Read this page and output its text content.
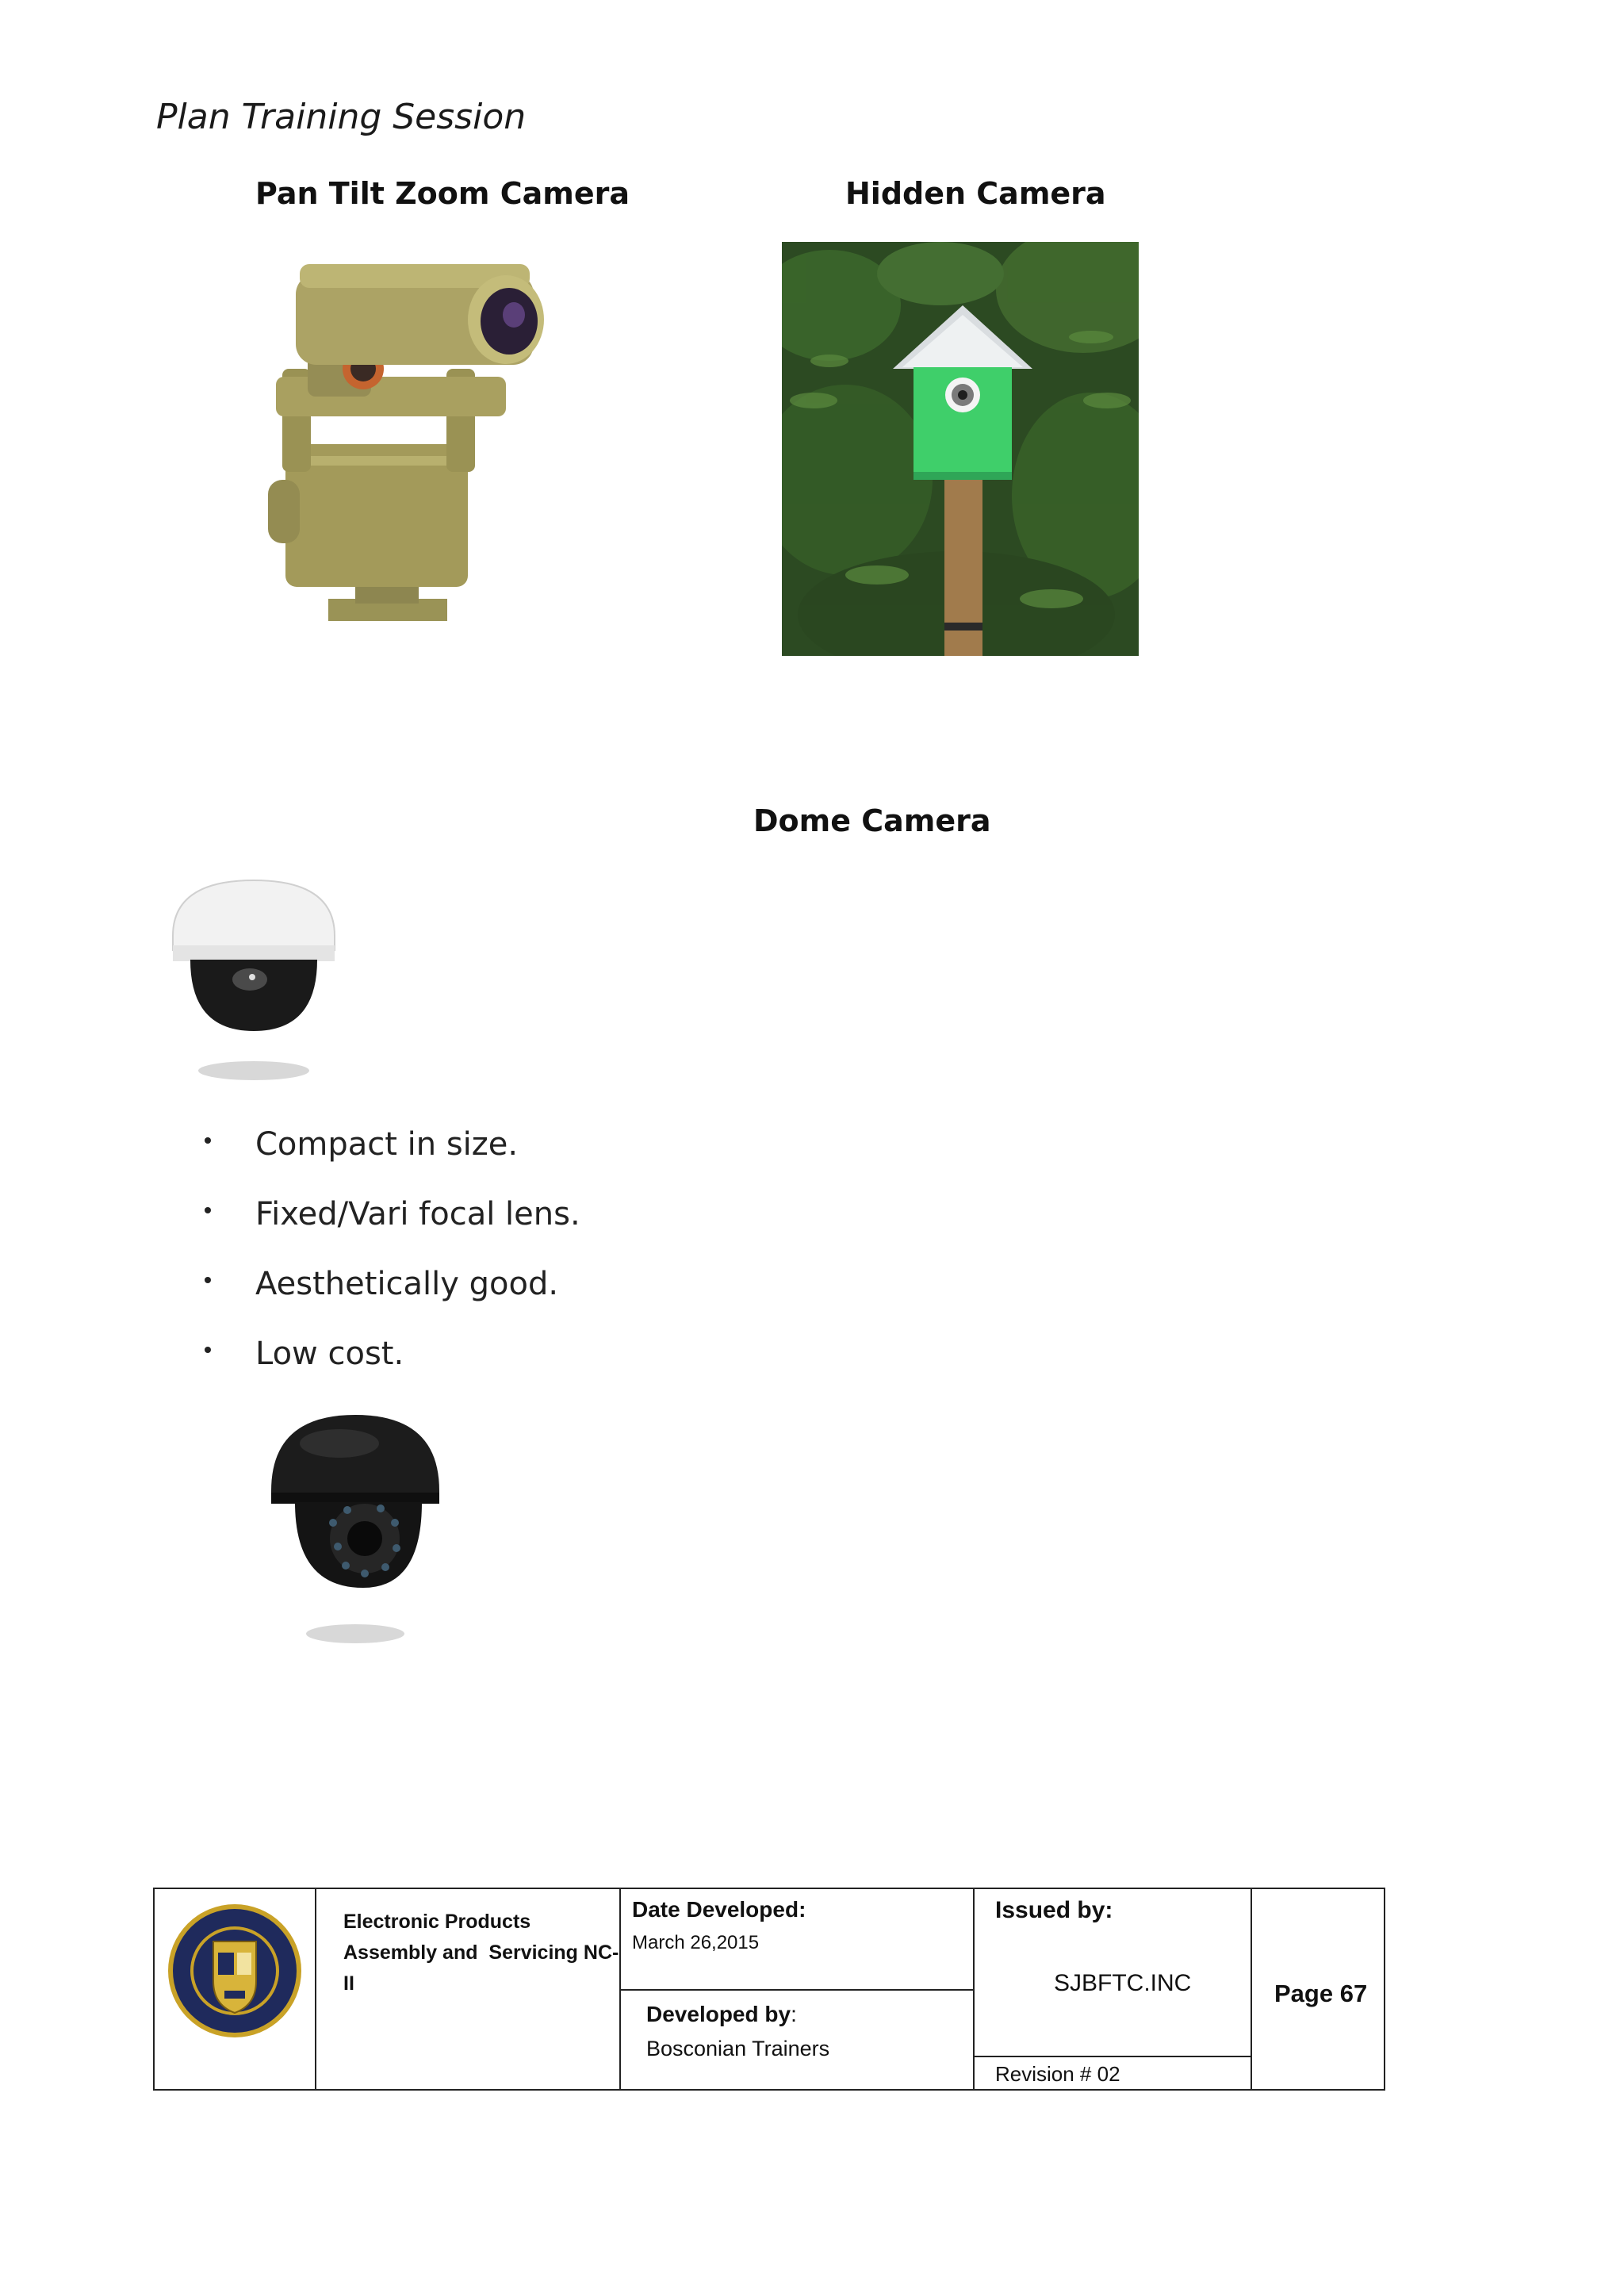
Plan Training Session
Pan Tilt Zoom Camera	Hidden Camera
Dome Camera
Compact in size.
Fixed/Vari focal lens.
Aesthetically good.
Low cost.
Electronic Products
Assembly and  Servicing NC-
II
Date Developed:
March 26,2015
Developed by:
Bosconian Trainers
Issued by:
SJBFTC.INC
Revision # 02
Page 67
